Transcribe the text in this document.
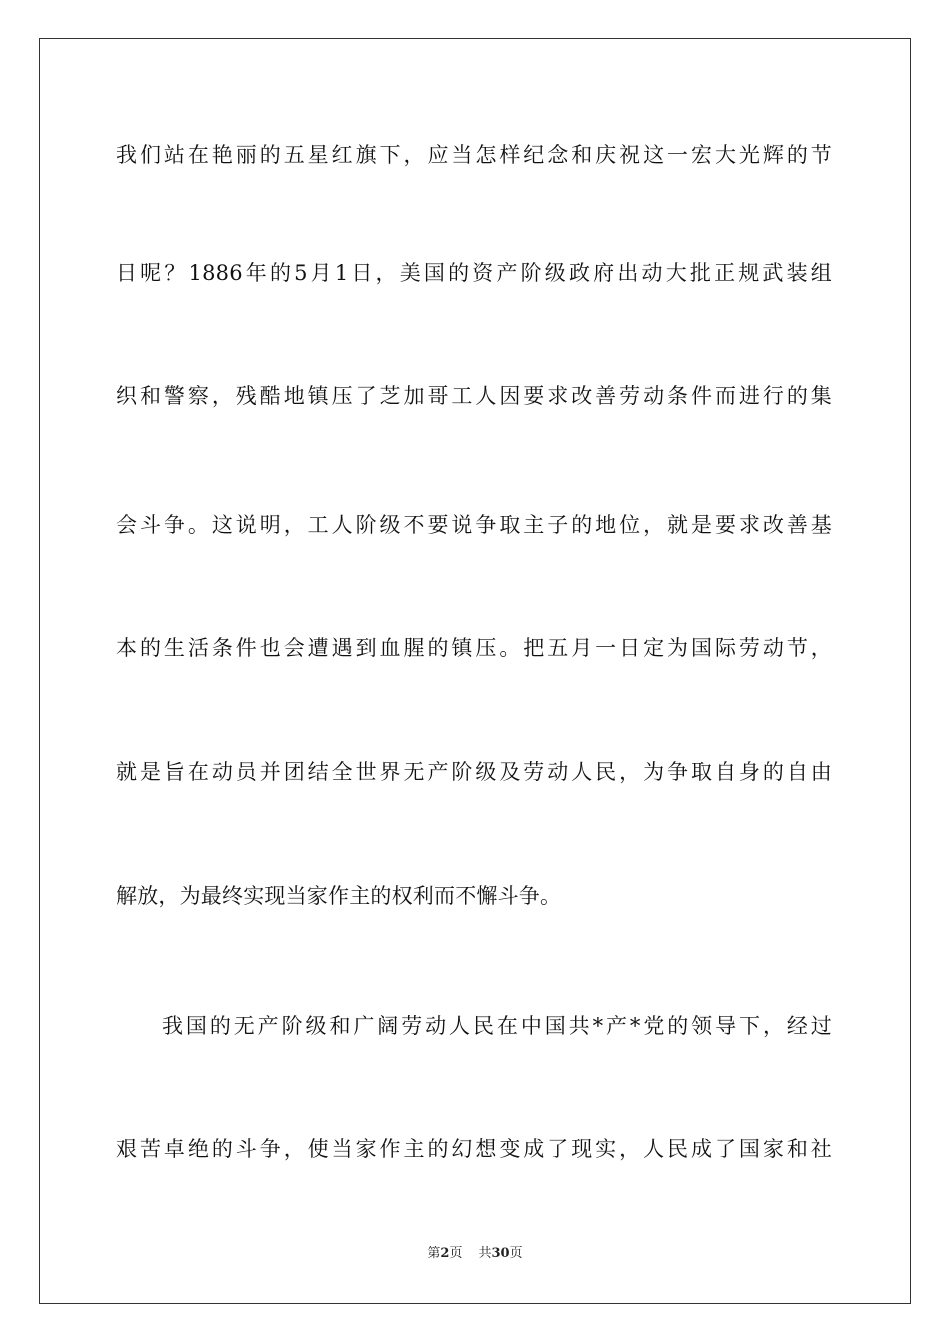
我们站在艳丽的五星红旗下，应当怎样纪念和庆祝这一宏大光辉的节
日呢？1886年的5月1日，美国的资产阶级政府出动大批正规武装组
织和警察，残酷地镇压了芝加哥工人因要求改善劳动条件而进行的集
会斗争。这说明，工人阶级不要说争取主子的地位，就是要求改善基
本的生活条件也会遭遇到血腥的镇压。把五月一日定为国际劳动节，
就是旨在动员并团结全世界无产阶级及劳动人民，为争取自身的自由
解放，为最终实现当家作主的权利而不懈斗争。
我国的无产阶级和广阔劳动人民在中国共*产*党的领导下，经过
艰苦卓绝的斗争，使当家作主的幻想变成了现实，人民成了国家和社
第2页 共30页
